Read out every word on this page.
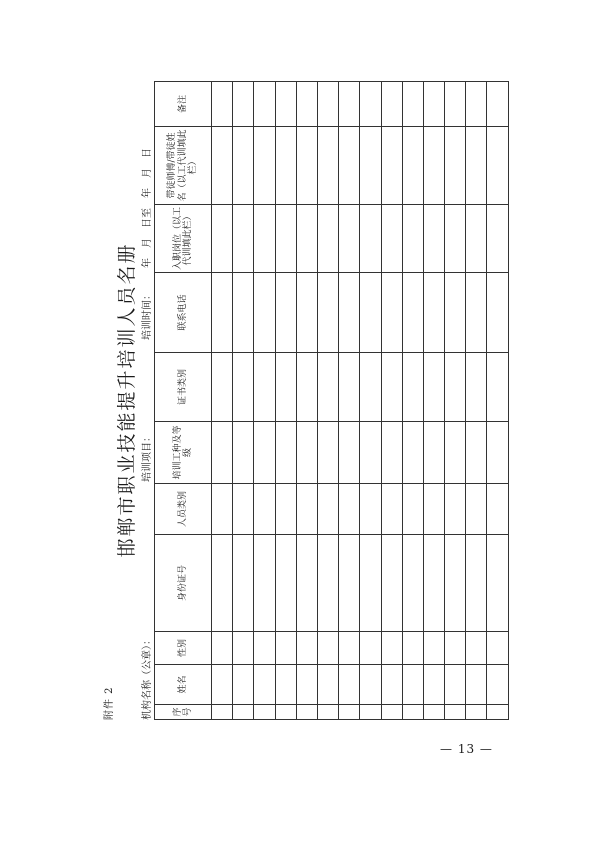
附件 2
邯郸市职业技能提升培训人员名册
机构名称（公章）：
培训项目：
培训时间：
年　月　日至　年　月　日
序号	姓名	性别	身份证号	人员类别	培训工种及等级	证书类别	联系电话	入职岗位（以工代训填此栏）	带徒师傅/带徒姓名（以工代训填此栏）	备注

— 13 —
